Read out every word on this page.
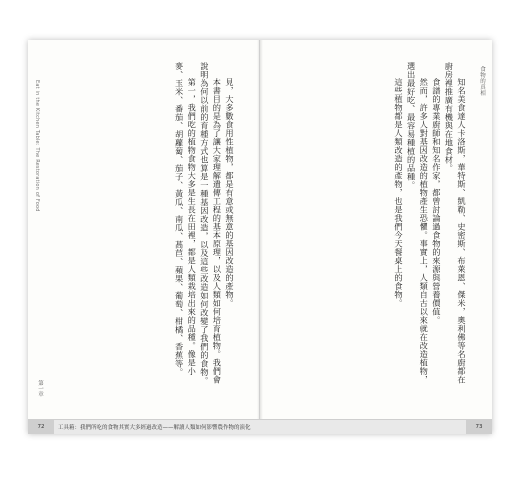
Eat in the Kitchen Table: The Restoration of Food	見，大多數食用性植物，都是有意或無意的基因改造的產物。

本書目的是為了讓大家理解遺傳工程的基本原理，以及人類如何培育植物。我們會說明為何以前的育種方式也算是一種基因改造，以及這些改造如何改變了我們的食物。

第一，我們吃的植物食物大多是生長在田裡，都是人類栽培出來的品種。像是小麥、玉米、番茄、胡蘿蔔、茄子、黃瓜、南瓜、萵苣、蘋果、葡萄、柑橘、香蕉等。

第一章

知名美食達人卡洛斯，華特斯、凱勒、史密斯、布萊恩、傑米，奧利佛等名廚都在廚房裡推廣有機與在地食材。

食譜的專業廚師和知名作家，都曾討論過食物的來源與營養價值。

然而，許多人對基因改造的植物產生恐懼。事實上，人類自古以來就在改造植物，選出最好吃、最容易種植的品種。

這些植物都是人類改造的產物，也是我們今天餐桌上的食物。	食物的真相
72	工具箱：我們所吃的食物其實大多經過改造——解讀人類如何影響農作物的演化	73
